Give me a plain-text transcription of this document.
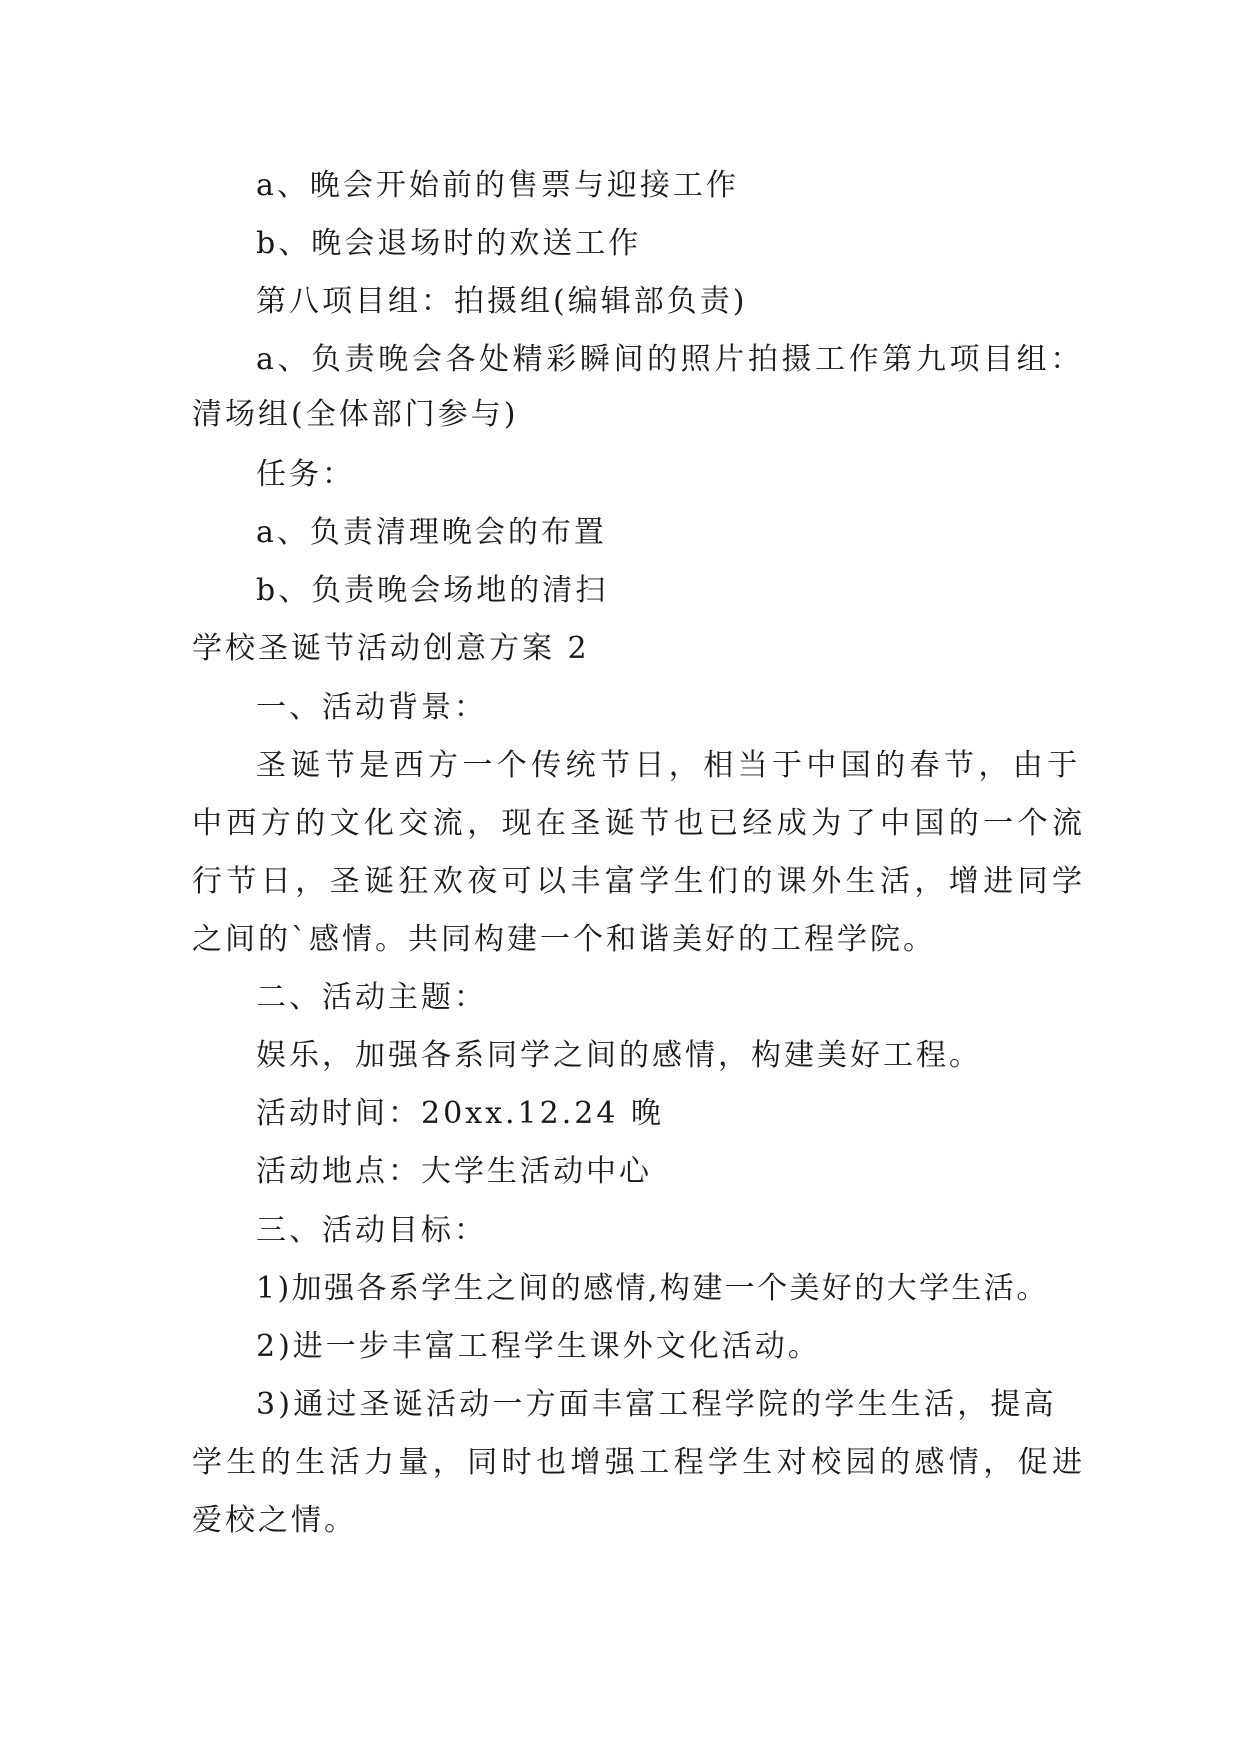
a、晚会开始前的售票与迎接工作
b、晚会退场时的欢送工作
第八项目组：拍摄组(编辑部负责)
a、负责晚会各处精彩瞬间的照片拍摄工作第九项目组：
清场组(全体部门参与)
任务：
a、负责清理晚会的布置
b、负责晚会场地的清扫
学校圣诞节活动创意方案 2
一、活动背景：
圣诞节是西方一个传统节日，相当于中国的春节，由于
中西方的文化交流，现在圣诞节也已经成为了中国的一个流
行节日，圣诞狂欢夜可以丰富学生们的课外生活，增进同学
之间的`感情。共同构建一个和谐美好的工程学院。
二、活动主题：
娱乐，加强各系同学之间的感情，构建美好工程。
活动时间：20xx.12.24 晚
活动地点：大学生活动中心
三、活动目标：
1)加强各系学生之间的感情,构建一个美好的大学生活。
2)进一步丰富工程学生课外文化活动。
3)通过圣诞活动一方面丰富工程学院的学生生活，提高
学生的生活力量，同时也增强工程学生对校园的感情，促进
爱校之情。
